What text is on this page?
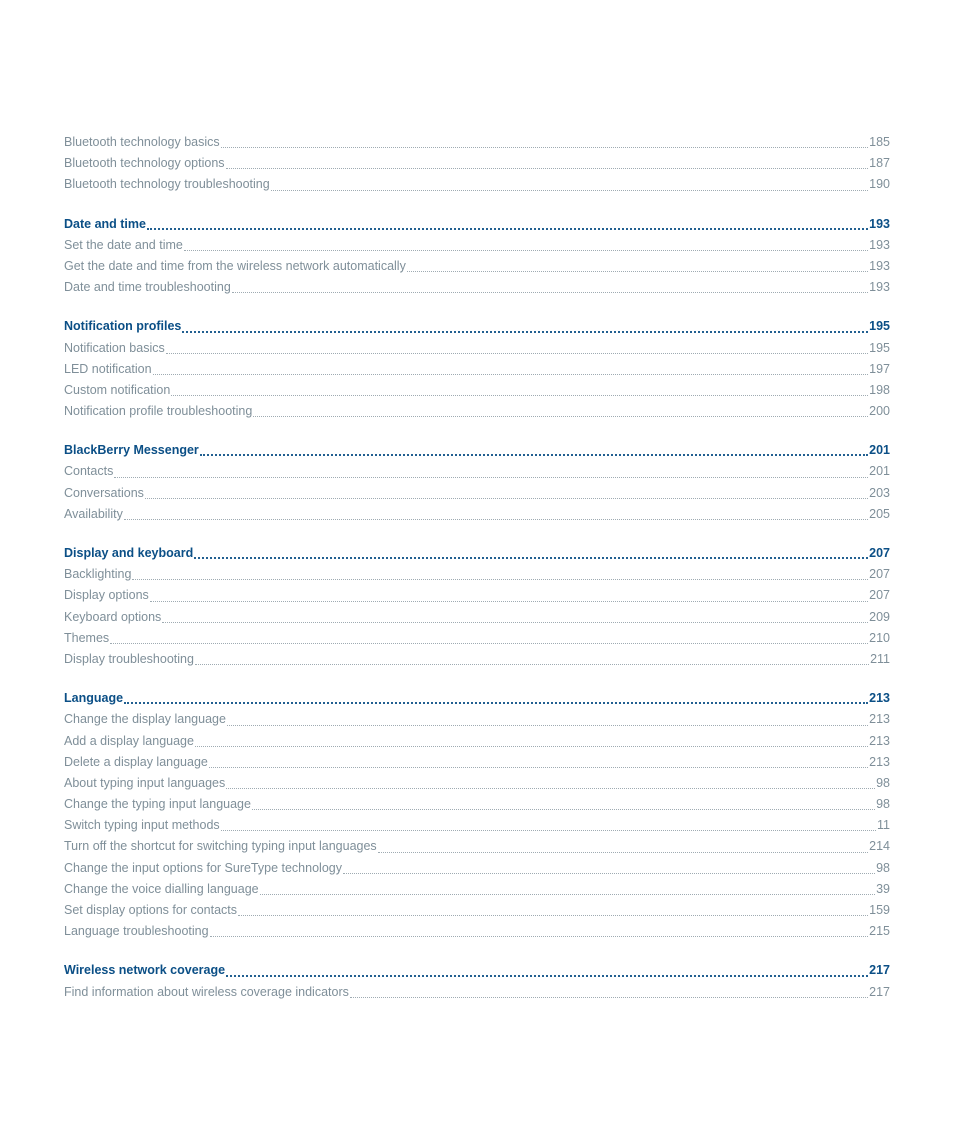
Bluetooth technology basics	185
Bluetooth technology options	187
Bluetooth technology troubleshooting	190
Date and time	193
Set the date and time	193
Get the date and time from the wireless network automatically	193
Date and time troubleshooting	193
Notification profiles	195
Notification basics	195
LED notification	197
Custom notification	198
Notification profile troubleshooting	200
BlackBerry Messenger	201
Contacts	201
Conversations	203
Availability	205
Display and keyboard	207
Backlighting	207
Display options	207
Keyboard options	209
Themes	210
Display troubleshooting	211
Language	213
Change the display language	213
Add a display language	213
Delete a display language	213
About typing input languages	98
Change the typing input language	98
Switch typing input methods	11
Turn off the shortcut for switching typing input languages	214
Change the input options for SureType technology	98
Change the voice dialling language	39
Set display options for contacts	159
Language troubleshooting	215
Wireless network coverage	217
Find information about wireless coverage indicators	217
